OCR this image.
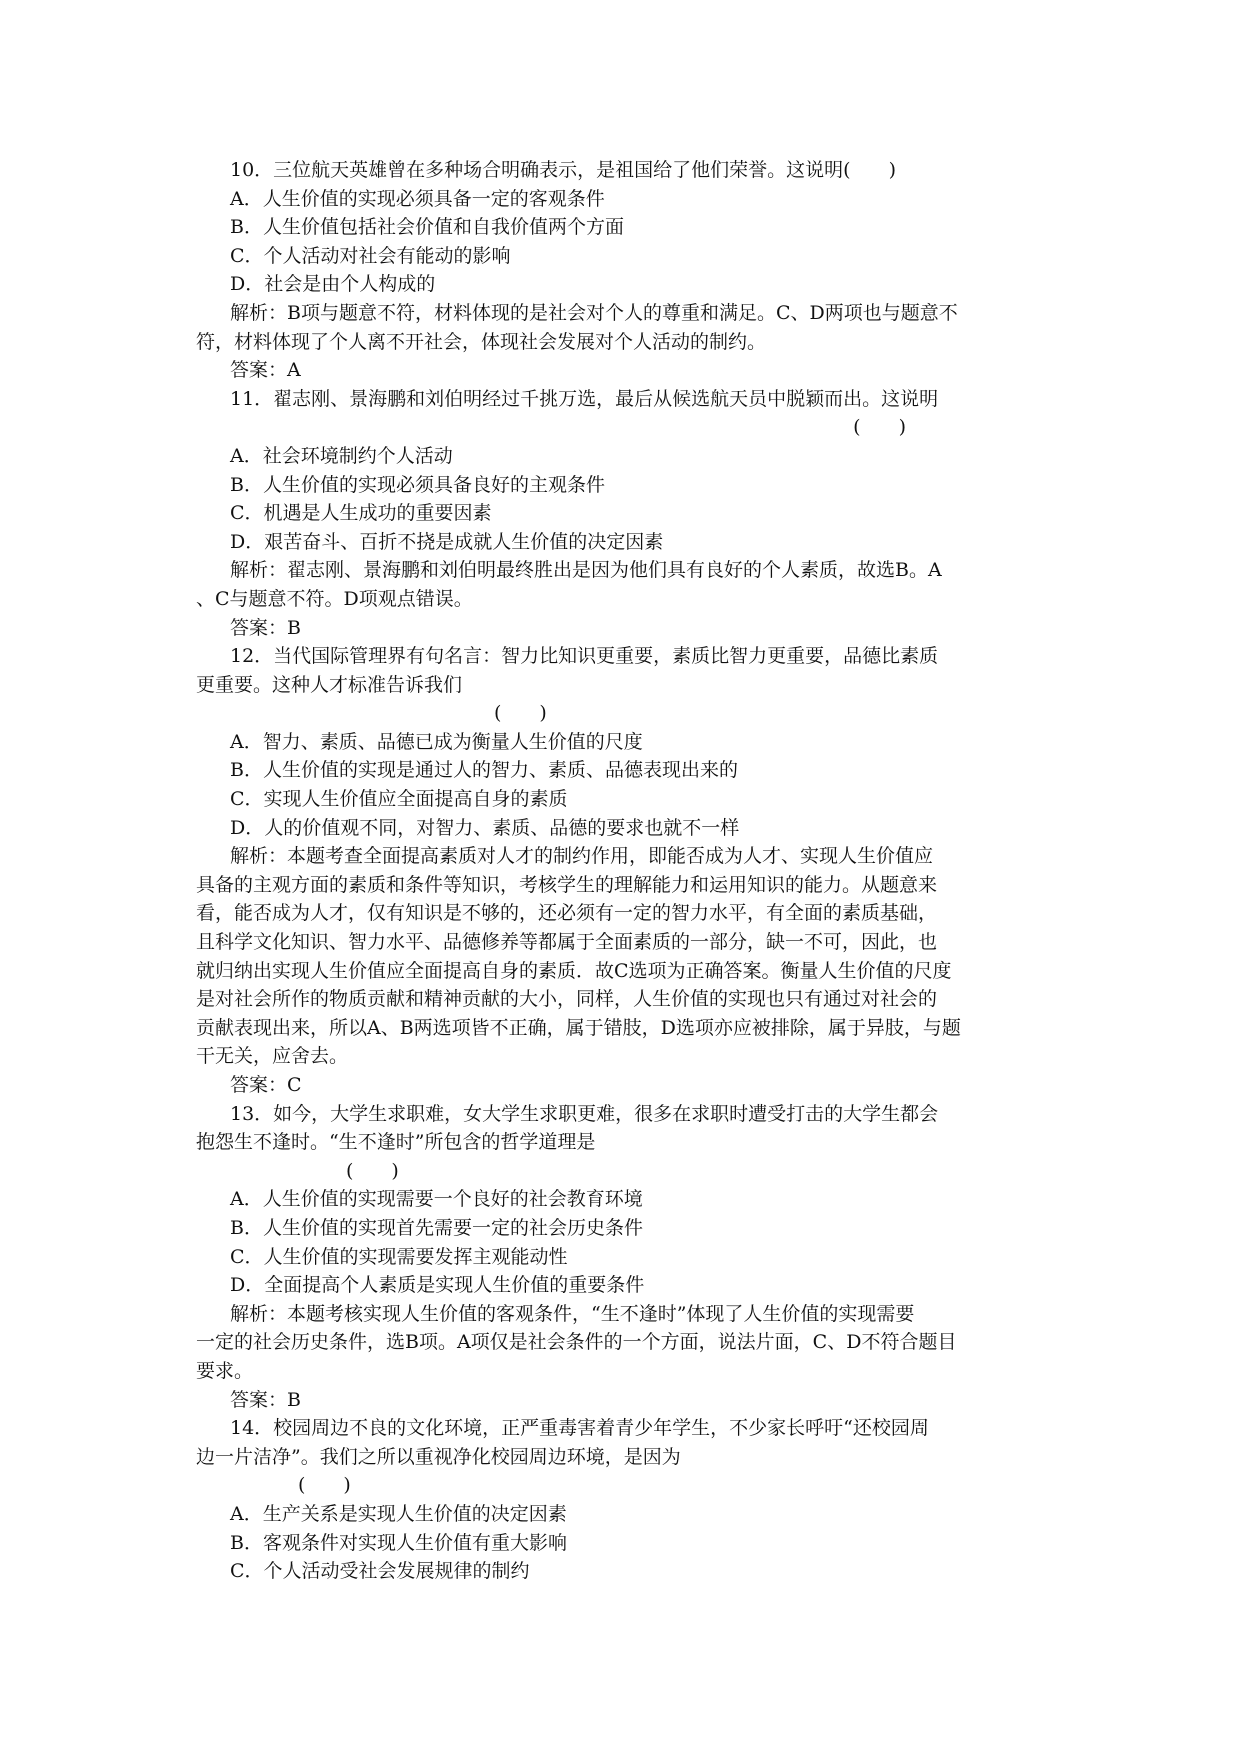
10．三位航天英雄曾在多种场合明确表示，是祖国给了他们荣誉。这说明(　　)
A．人生价值的实现必须具备一定的客观条件
B．人生价值包括社会价值和自我价值两个方面
C．个人活动对社会有能动的影响
D．社会是由个人构成的
解析：B项与题意不符，材料体现的是社会对个人的尊重和满足。C、D两项也与题意不
符，材料体现了个人离不开社会，体现社会发展对个人活动的制约。
答案：A
11．翟志刚、景海鹏和刘伯明经过千挑万选，最后从候选航天员中脱颖而出。这说明
(　　)
A．社会环境制约个人活动
B．人生价值的实现必须具备良好的主观条件
C．机遇是人生成功的重要因素
D．艰苦奋斗、百折不挠是成就人生价值的决定因素
解析：翟志刚、景海鹏和刘伯明最终胜出是因为他们具有良好的个人素质，故选B。A
、C与题意不符。D项观点错误。
答案：B
12．当代国际管理界有句名言：智力比知识更重要，素质比智力更重要，品德比素质
更重要。这种人才标准告诉我们
(　　)
A．智力、素质、品德已成为衡量人生价值的尺度
B．人生价值的实现是通过人的智力、素质、品德表现出来的
C．实现人生价值应全面提高自身的素质
D．人的价值观不同，对智力、素质、品德的要求也就不一样
解析：本题考查全面提高素质对人才的制约作用，即能否成为人才、实现人生价值应
具备的主观方面的素质和条件等知识，考核学生的理解能力和运用知识的能力。从题意来
看，能否成为人才，仅有知识是不够的，还必须有一定的智力水平，有全面的素质基础，
且科学文化知识、智力水平、品德修养等都属于全面素质的一部分，缺一不可，因此，也
就归纳出实现人生价值应全面提高自身的素质．故C选项为正确答案。衡量人生价值的尺度
是对社会所作的物质贡献和精神贡献的大小，同样，人生价值的实现也只有通过对社会的
贡献表现出来，所以A、B两选项皆不正确，属于错肢，D选项亦应被排除，属于异肢，与题
干无关，应舍去。
答案：C
13．如今，大学生求职难，女大学生求职更难，很多在求职时遭受打击的大学生都会
抱怨生不逢时。“生不逢时”所包含的哲学道理是
(　　)
A．人生价值的实现需要一个良好的社会教育环境
B．人生价值的实现首先需要一定的社会历史条件
C．人生价值的实现需要发挥主观能动性
D．全面提高个人素质是实现人生价值的重要条件
解析：本题考核实现人生价值的客观条件，“生不逢时”体现了人生价值的实现需要
一定的社会历史条件，选B项。A项仅是社会条件的一个方面，说法片面，C、D不符合题目
要求。
答案：B
14．校园周边不良的文化环境，正严重毒害着青少年学生，不少家长呼吁“还校园周
边一片洁净”。我们之所以重视净化校园周边环境，是因为
(　　)
A．生产关系是实现人生价值的决定因素
B．客观条件对实现人生价值有重大影响
C．个人活动受社会发展规律的制约
